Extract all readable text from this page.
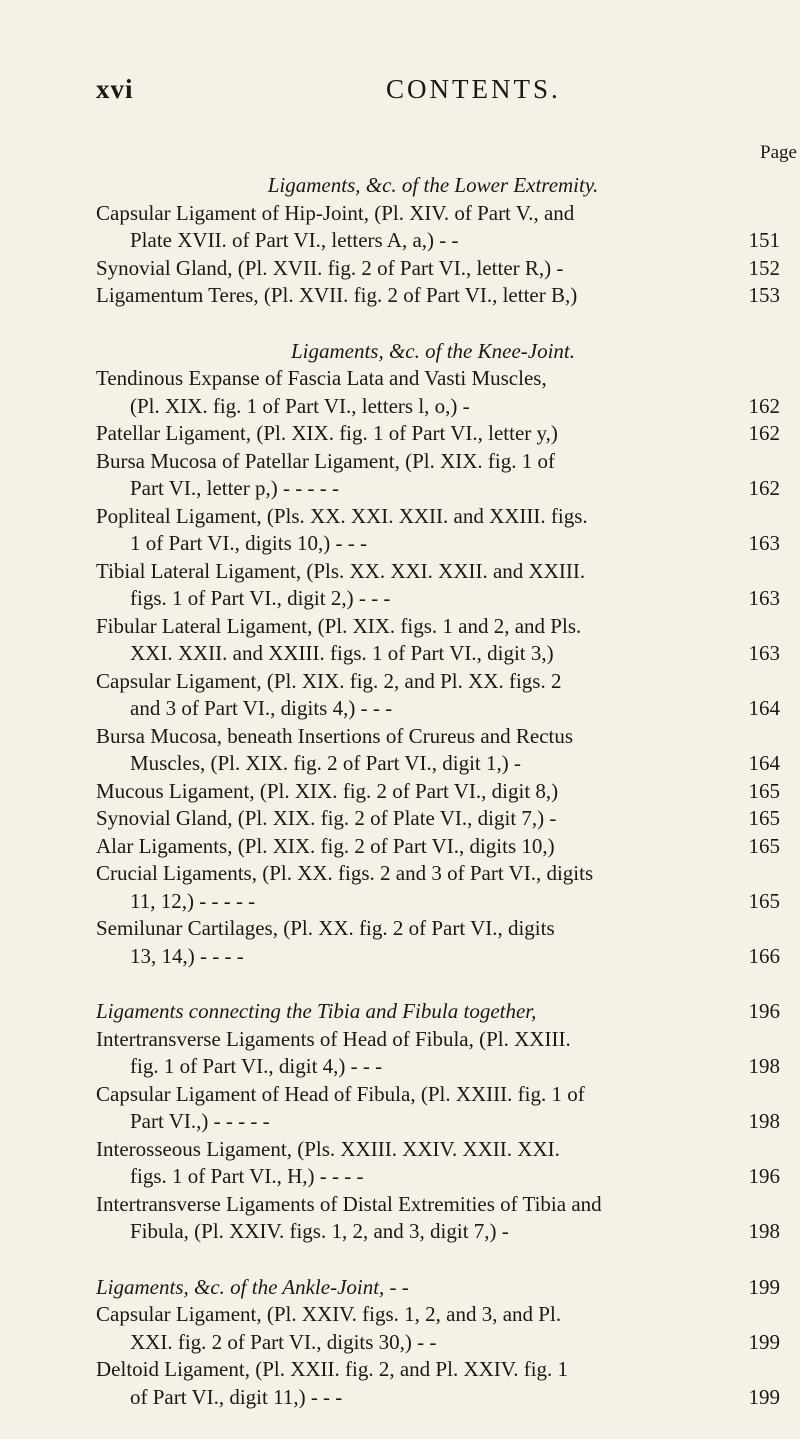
xvi	CONTENTS.
Page
Ligaments, &c. of the Lower Extremity.
Capsular Ligament of Hip-Joint, (Pl. XIV. of Part V., and
Plate XVII. of Part VI., letters A, a,) - -	151
Synovial Gland, (Pl. XVII. fig. 2 of Part VI., letter R,) -	152
Ligamentum Teres, (Pl. XVII. fig. 2 of Part VI., letter B,)	153
Ligaments, &c. of the Knee-Joint.
Tendinous Expanse of Fascia Lata and Vasti Muscles,
(Pl. XIX. fig. 1 of Part VI., letters l, o,) -	162
Patellar Ligament, (Pl. XIX. fig. 1 of Part VI., letter y,)	162
Bursa Mucosa of Patellar Ligament, (Pl. XIX. fig. 1 of
Part VI., letter p,) - - - - -	162
Popliteal Ligament, (Pls. XX. XXI. XXII. and XXIII. figs.
1 of Part VI., digits 10,) - - -	163
Tibial Lateral Ligament, (Pls. XX. XXI. XXII. and XXIII.
figs. 1 of Part VI., digit 2,) - - -	163
Fibular Lateral Ligament, (Pl. XIX. figs. 1 and 2, and Pls.
XXI. XXII. and XXIII. figs. 1 of Part VI., digit 3,)	163
Capsular Ligament, (Pl. XIX. fig. 2, and Pl. XX. figs. 2
and 3 of Part VI., digits 4,) - - -	164
Bursa Mucosa, beneath Insertions of Crureus and Rectus
Muscles, (Pl. XIX. fig. 2 of Part VI., digit 1,) -	164
Mucous Ligament, (Pl. XIX. fig. 2 of Part VI., digit 8,)	165
Synovial Gland, (Pl. XIX. fig. 2 of Plate VI., digit 7,) -	165
Alar Ligaments, (Pl. XIX. fig. 2 of Part VI., digits 10,)	165
Crucial Ligaments, (Pl. XX. figs. 2 and 3 of Part VI., digits
11, 12,) - - - - -	165
Semilunar Cartilages, (Pl. XX. fig. 2 of Part VI., digits
13, 14,) - - - -	166
Ligaments connecting the Tibia and Fibula together,	196
Intertransverse Ligaments of Head of Fibula, (Pl. XXIII.
fig. 1 of Part VI., digit 4,) - - -	198
Capsular Ligament of Head of Fibula, (Pl. XXIII. fig. 1 of
Part VI.,) - - - - -	198
Interosseous Ligament, (Pls. XXIII. XXIV. XXII. XXI.
figs. 1 of Part VI., H,) - - - -	196
Intertransverse Ligaments of Distal Extremities of Tibia and
Fibula, (Pl. XXIV. figs. 1, 2, and 3, digit 7,) -	198
Ligaments, &c. of the Ankle-Joint, - -	199
Capsular Ligament, (Pl. XXIV. figs. 1, 2, and 3, and Pl.
XXI. fig. 2 of Part VI., digits 30,) - -	199
Deltoid Ligament, (Pl. XXII. fig. 2, and Pl. XXIV. fig. 1
of Part VI., digit 11,) - - -	199
